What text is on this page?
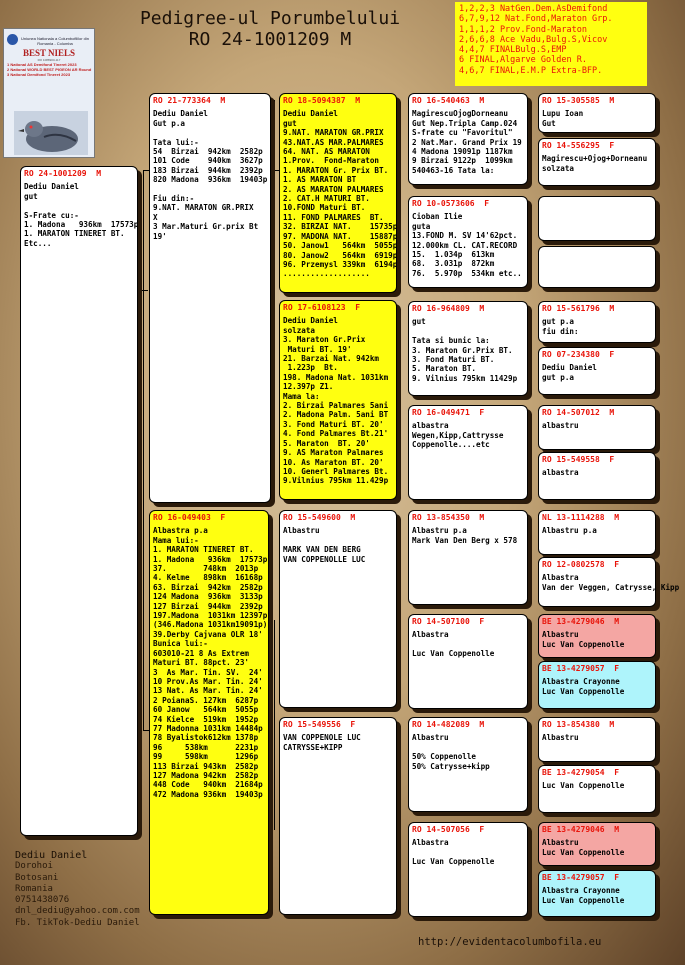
Pedigree-ul Porumbelului
RO 24-1001209 M
Uniunea Nationala a Columbofililor din Romania - Columba
BEST NIELS
RO 1088900-117
1 National AS Demifond Tineret 2023
2 National WORLD BEST PIGEON AR Round
3 National Demifond Tineret 2023
1,2,2,3 NatGen.Dem.AsDemifond
6,7,9,12 Nat.Fond,Maraton Grp.
1,1,1,2 Prov.Fond-Maraton
2,6,6,8 Ace Vadu,Bulg.S,Vicov
4,4,7 FINALBulg.S,EMP
6 FINAL,Algarve Golden R.
4,6,7 FINAL,E.M.P Extra-BFP.
RO 24-1001209  M
Dediu Daniel
gut

S-Frate cu:-
1. Madona   936km  17573p
1. MARATON TINERET BT.
Etc...
RO 21-773364  M
Dediu Daniel
Gut p.a

Tata lui:-
54  Birzai  942km  2582p
101 Code    940km  3627p
183 Birzai  944km  2392p
820 Madona  936km  19403p

Fiu din:-
9.NAT. MARATON GR.PRIX
X
3 Mar.Maturi Gr.prix Bt
19'
RO 16-049403  F
Albastra p.a
Mama lui:-
1. MARATON TINERET BT.
1. Madona   936km  17573p
37.        748km  2013p
4. Kelme   898km  16168p
63. Birzai  942km  2582p
124 Madona  936km  3133p
127 Birzai  944km  2392p
197.Madona  1031km 12397p
(346.Madona 1031km19091p)
39.Derby Cajvana OLR 18'
Bunica lui:-
603010-21 8 As Extrem
Maturi BT. 88pct. 23'
3  As Mar. Tin. SV.  24'
10 Prov.As Mar. Tin. 24'
13 Nat. As Mar. Tin. 24'
2 PoianaS. 127km  6287p
60 Janow   564km  5055p
74 Kielce  519km  1952p
77 Madonna 1031km 14484p
78 Byalistok612km 1378p
96     538km      2231p
99     598km      1296p
113 Birzai 943km  2582p
127 Madona 942km  2582p
448 Code   940km  21684p
472 Madona 936km  19403p
RO 18-5094387  M
Dediu Daniel
gut
9.NAT. MARATON GR.PRIX
43.NAT.AS MAR.PALMARES
64. NAT. AS MARATON
1.Prov.  Fond-Maraton
1. MARATON Gr. Prix BT.
1. AS MARATON BT
2. AS MARATON PALMARES
2. CAT.H MATURI BT.
10.FOND Maturi BT.
11. FOND PALMARES  BT.
32. BIRZAI NAT.    15735p
97. MADONA NAT.    15887p
50. Janow1   564km  5055p
80. Janow2   564km  6919p
96. Przemysl 339km  6194p
...................
RO 17-6108123  F
Dediu Daniel
solzata
3. Maraton Gr.Prix
Maturi BT. 19'
21. Barzai Nat. 942km
1.223p  Bt.
198. Madona Nat. 1031km
12.397p Z1.
Mama la:
2. Birzai Palmares 5ani
2. Madona Palm. 5ani BT
3. Fond Maturi BT. 20'
4. Fond Palmares Bt.21'
5. Maraton  BT. 20'
9. AS Maraton Palmares
10. As Maraton BT. 20'
10. Generl Palmares Bt.
9.Vilnius 795km 11.429p
RO 15-549600  M
Albastru

MARK VAN DEN BERG
VAN COPPENOLLE LUC
RO 15-549556  F
VAN COPPENOLE LUC
CATRYSSE+KIPP
RO 16-540463  M
MagirescuOjogDorneanu
Gut Nep.Tripla Camp.024
S-frate cu "Favoritul"
2 Nat.Mar. Grand Prix 19
4 Madona 19091p 1187km
9 Birzai 9122p  1099km
540463-16 Tata la:
RO 10-0573606  F
Cioban Ilie
guta
13.FOND M. SV 14'62pct.
12.000km CL. CAT.RECORD
15.  1.034p  613km
68.  3.031p  872km
76.  5.970p  534km etc..
RO 16-964809  M
gut

Tata si bunic la:
3. Maraton Gr.Prix BT.
3. Fond Maturi BT.
5. Maraton BT.
9. Vilnius 795km 11429p
RO 16-049471  F
albastra
Wegen,Kipp,Cattrysse
Coppenolle....etc
RO 13-854350  M
Albastru p.a
Mark Van Den Berg x 578
RO 14-507100  F
Albastra

Luc Van Coppenolle
RO 14-482089  M
Albastru

50% Coppenolle
50% Catrysse+kipp
RO 14-507056  F
Albastra

Luc Van Coppenolle
RO 15-305585  M
Lupu Ioan
Gut
RO 14-556295  F
Magirescu+Ojog+Dorneanu
solzata
RO 15-561796  M
gut p.a
fiu din:
RO 07-234380  F
Dediu Daniel
gut p.a
RO 14-507012  M
albastru
RO 15-549558  F
albastra
NL 13-1114288  M
Albastru p.a
RO 12-0802578  F
Albastra
Van der Veggen, Catrysse, Kipp
BE 13-4279046  M
Albastru
Luc Van Coppenolle
BE 13-4279057  F
Albastra Crayonne
Luc Van Coppenolle
RO 13-854380  M
Albastru
BE 13-4279054  F
Luc Van Coppenolle
BE 13-4279046  M
Albastru
Luc Van Coppenolle
BE 13-4279057  F
Albastra Crayonne
Luc Van Coppenolle
Dediu Daniel
Dorohoi
Botosani
Romania
0751438076
dnl_dediu@yahoo.com.com
Fb. TikTok-Dediu Daniel
http://evidentacolumbofila.eu
